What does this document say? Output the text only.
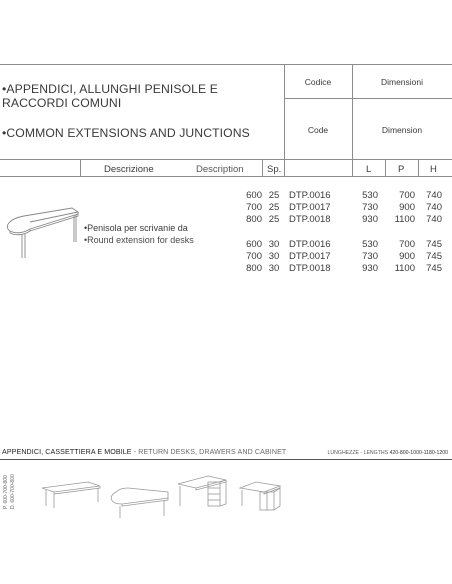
•APPENDICI, ALLUNGHI PENISOLE E RACCORDI COMUNI
•COMMON EXTENSIONS AND JUNCTIONS
Codice	Dimensioni
Code	Dimension
Descrizione	Description Sp.	L	P	H
•Penisola per scrivanie da
•Round extension for desks
600 25	DTP.0016	530	700	740
700 25	DTP.0017	730	900	740
800 25	DTP.0018	930	1100	740
600 30	DTP.0016	530	700	745
700 30	DTP.0017	730	900	745
800 30	DTP.0018	930	1100	745
APPENDICI, CASSETTIERA E MOBILE - RETURN DESKS, DRAWERS AND CABINET	LUNGHEZZE - LENGTHS 420-800-1000-1180-1200
P. 600-700-800 D. 600-700-800
